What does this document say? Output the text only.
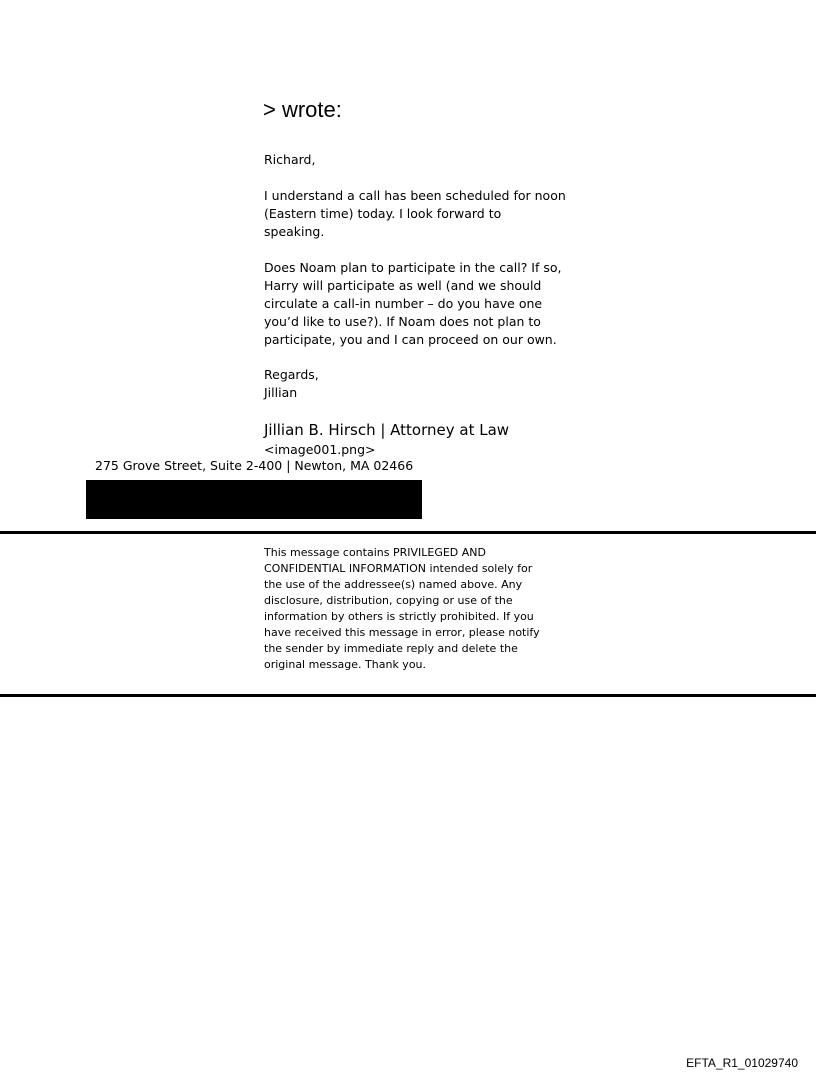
> wrote:
Richard,
I understand a call has been scheduled for noon
(Eastern time) today. I look forward to
speaking.
Does Noam plan to participate in the call? If so,
Harry will participate as well (and we should
circulate a call-in number – do you have one
you’d like to use?). If Noam does not plan to
participate, you and I can proceed on our own.
Regards,
Jillian
Jillian B. Hirsch | Attorney at Law
<image001.png>
275 Grove Street, Suite 2-400 | Newton, MA 02466
This message contains PRIVILEGED AND
CONFIDENTIAL INFORMATION intended solely for
the use of the addressee(s) named above. Any
disclosure, distribution, copying or use of the
information by others is strictly prohibited. If you
have received this message in error, please notify
the sender by immediate reply and delete the
original message. Thank you.
EFTA_R1_01029740
